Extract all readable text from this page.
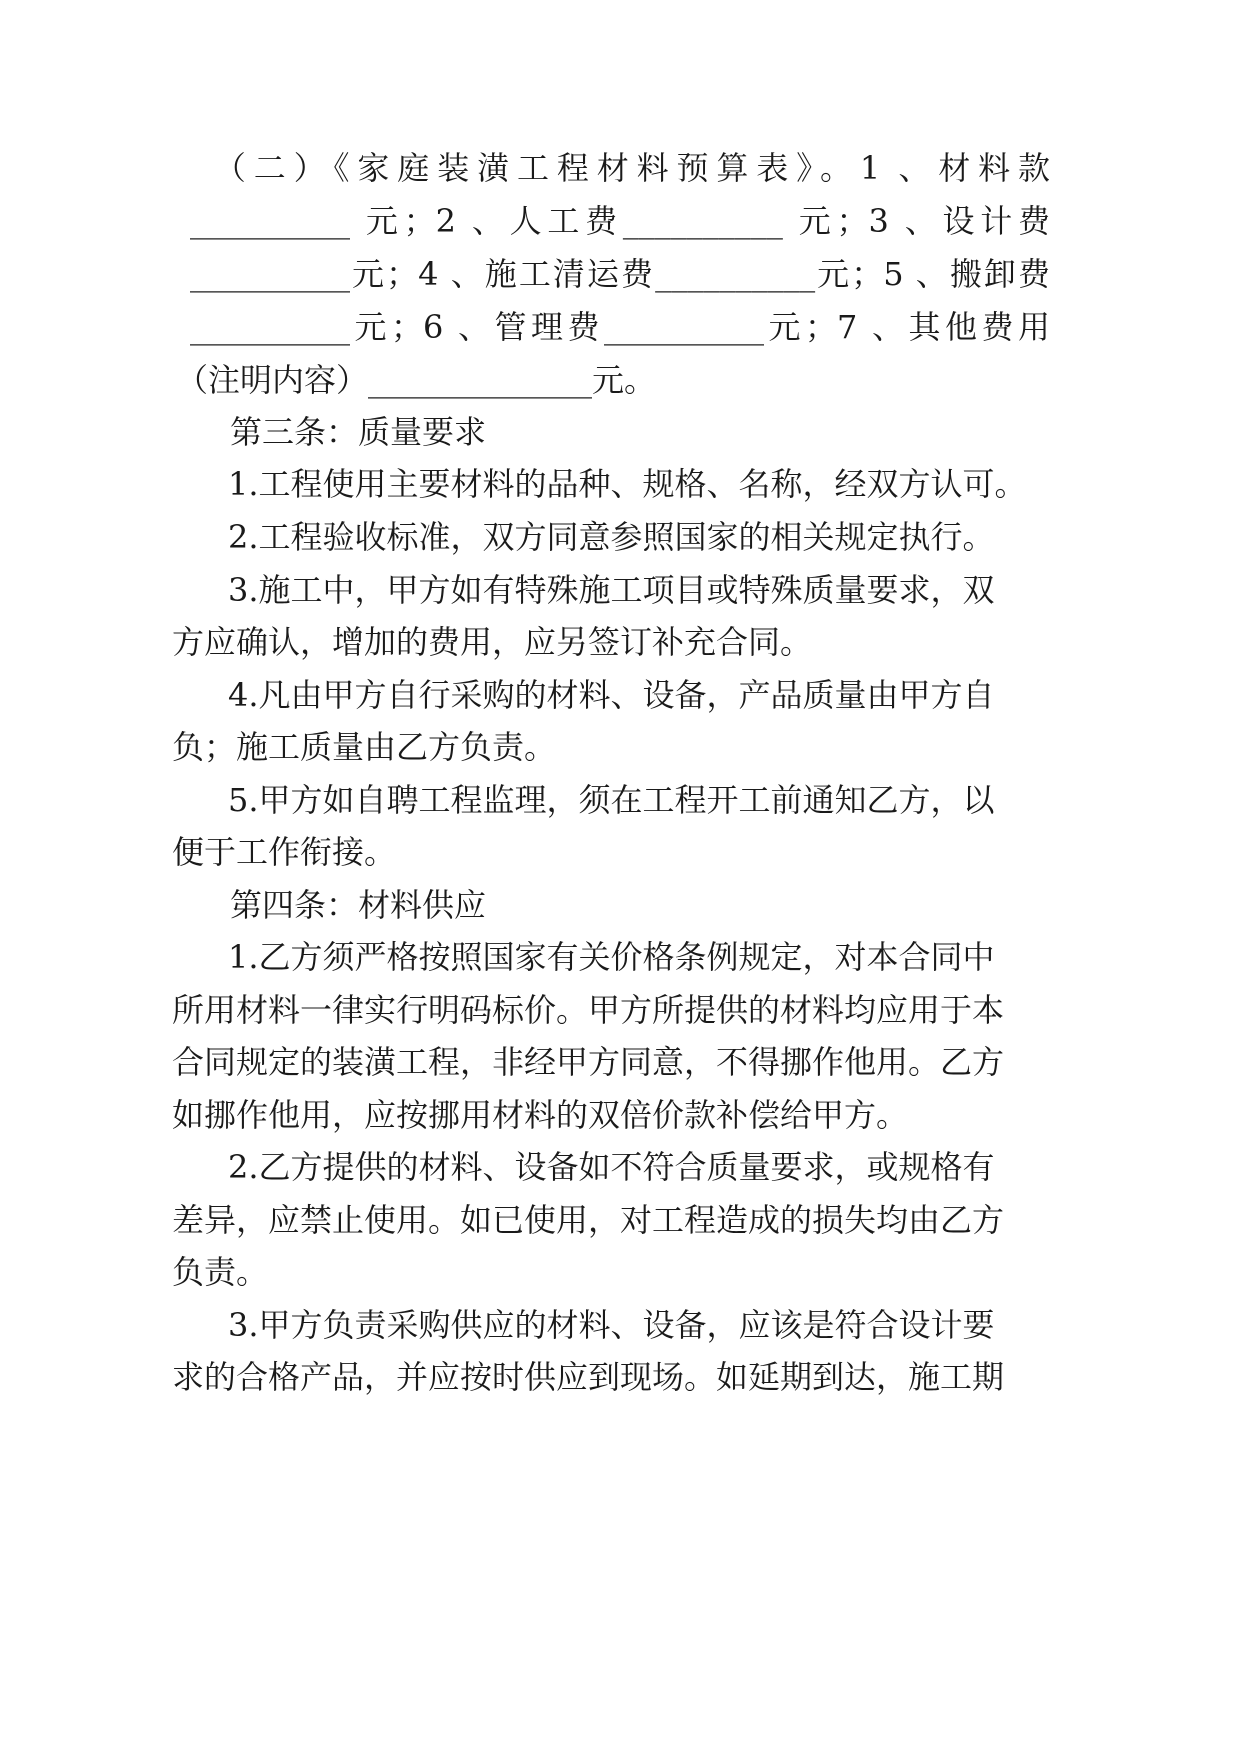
　（二）《家庭装潢工程材料预算表》。1 、材料款
__________ 元；2 、人工费__________ 元；3 、设计费
__________元；4 、施工清运费__________元；5 、搬卸费
__________元；6 、管理费__________元；7 、其他费用
（注明内容）______________元。
第三条：质量要求
1.工程使用主要材料的品种、规格、名称，经双方认可。
2.工程验收标准，双方同意参照国家的相关规定执行。
3.施工中，甲方如有特殊施工项目或特殊质量要求，双
方应确认，增加的费用，应另签订补充合同。
4.凡由甲方自行采购的材料、设备，产品质量由甲方自
负；施工质量由乙方负责。
5.甲方如自聘工程监理，须在工程开工前通知乙方，以
便于工作衔接。
第四条：材料供应
1.乙方须严格按照国家有关价格条例规定，对本合同中
所用材料一律实行明码标价。甲方所提供的材料均应用于本
合同规定的装潢工程，非经甲方同意，不得挪作他用。乙方
如挪作他用，应按挪用材料的双倍价款补偿给甲方。
2.乙方提供的材料、设备如不符合质量要求，或规格有
差异，应禁止使用。如已使用，对工程造成的损失均由乙方
负责。
3.甲方负责采购供应的材料、设备，应该是符合设计要
求的合格产品，并应按时供应到现场。如延期到达，施工期
